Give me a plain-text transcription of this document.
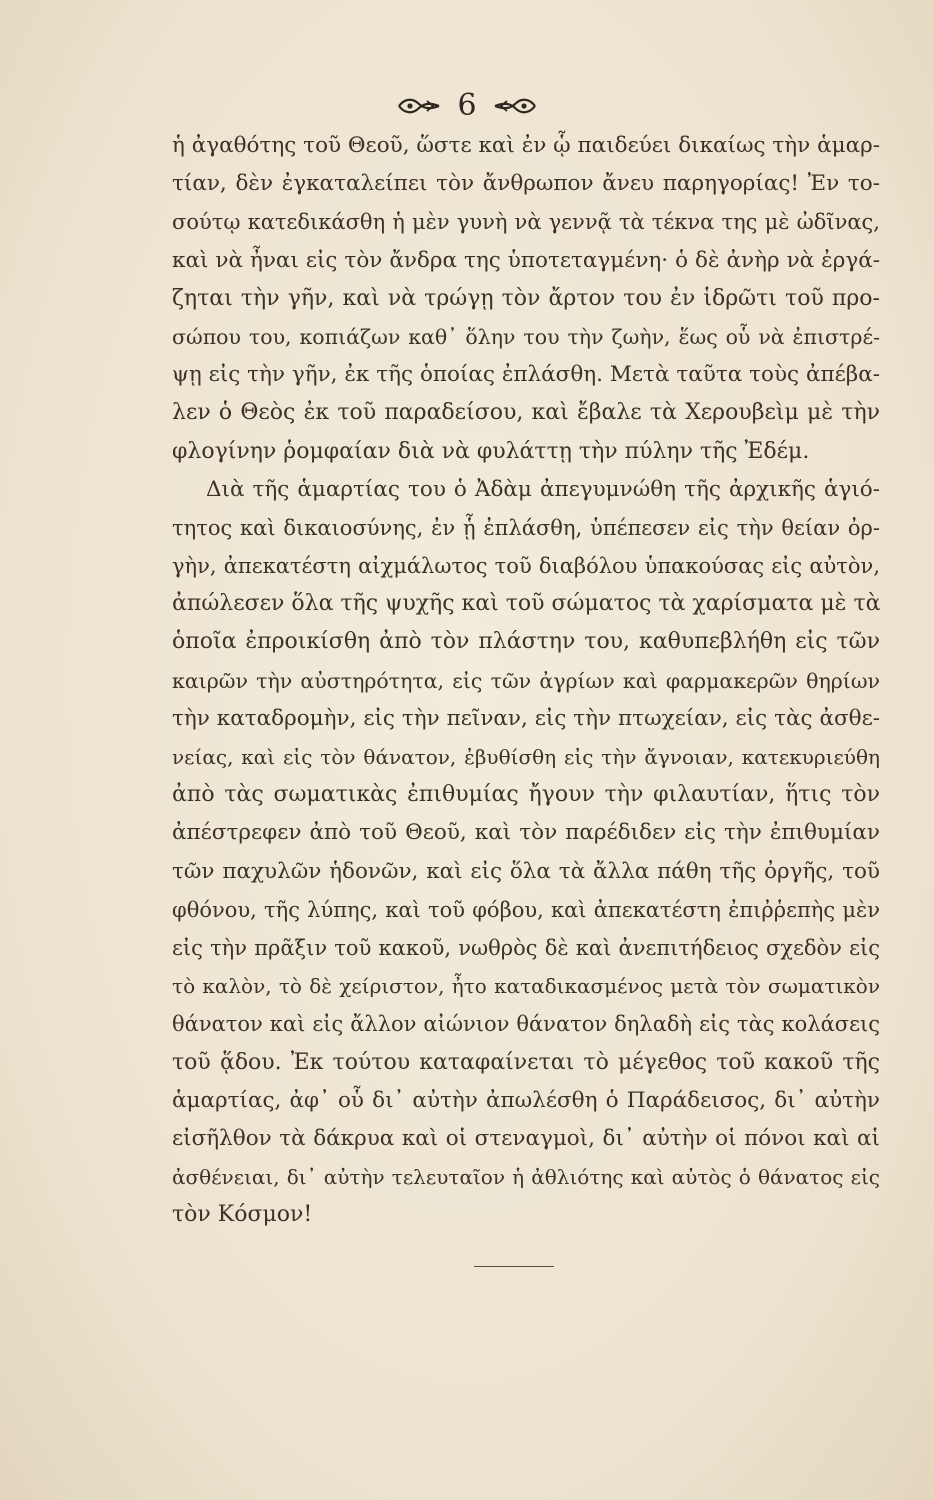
6
ἡ ἀγαθότης τοῦ Θεοῦ, ὥστε καὶ ἐν ᾧ παιδεύει δικαίως τὴν ἁμαρ-
τίαν, δὲν ἐγκαταλείπει τὸν ἄνθρωπον ἄνευ παρηγορίας! Ἐν το-
σούτῳ κατεδικάσθη ἡ μὲν γυνὴ νὰ γεννᾷ τὰ τέκνα της μὲ ὠδῖνας,
καὶ νὰ ἦναι εἰς τὸν ἄνδρα της ὑποτεταγμένη· ὁ δὲ ἀνὴρ νὰ ἐργά-
ζηται τὴν γῆν, καὶ νὰ τρώγῃ τὸν ἄρτον του ἐν ἱδρῶτι τοῦ προ-
σώπου του, κοπιάζων καθ᾽ ὅλην του τὴν ζωὴν, ἕως οὗ νὰ ἐπιστρέ-
ψῃ εἰς τὴν γῆν, ἐκ τῆς ὁποίας ἐπλάσθη. Μετὰ ταῦτα τοὺς ἀπέβα-
λεν ὁ Θεὸς ἐκ τοῦ παραδείσου, καὶ ἔβαλε τὰ Χερουβεὶμ μὲ τὴν
φλογίνην ῥομφαίαν διὰ νὰ φυλάττῃ τὴν πύλην τῆς Ἐδέμ.
Διὰ τῆς ἁμαρτίας του ὁ Ἀδὰμ ἀπεγυμνώθη τῆς ἀρχικῆς ἁγιό-
τητος καὶ δικαιοσύνης, ἐν ᾗ ἐπλάσθη, ὑπέπεσεν εἰς τὴν θείαν ὀρ-
γὴν, ἀπεκατέστη αἰχμάλωτος τοῦ διαβόλου ὑπακούσας εἰς αὐτὸν,
ἀπώλεσεν ὅλα τῆς ψυχῆς καὶ τοῦ σώματος τὰ χαρίσματα μὲ τὰ
ὁποῖα ἐπροικίσθη ἀπὸ τὸν πλάστην του, καθυπεβλήθη εἰς τῶν
καιρῶν τὴν αὐστηρότητα, εἰς τῶν ἀγρίων καὶ φαρμακερῶν θηρίων
τὴν καταδρομὴν, εἰς τὴν πεῖναν, εἰς τὴν πτωχείαν, εἰς τὰς ἀσθε-
νείας, καὶ εἰς τὸν θάνατον, ἐβυθίσθη εἰς τὴν ἄγνοιαν, κατεκυριεύθη
ἀπὸ τὰς σωματικὰς ἐπιθυμίας ἤγουν τὴν φιλαυτίαν, ἥτις τὸν
ἀπέστρεφεν ἀπὸ τοῦ Θεοῦ, καὶ τὸν παρέδιδεν εἰς τὴν ἐπιθυμίαν
τῶν παχυλῶν ἡδονῶν, καὶ εἰς ὅλα τὰ ἄλλα πάθη τῆς ὀργῆς, τοῦ
φθόνου, τῆς λύπης, καὶ τοῦ φόβου, καὶ ἀπεκατέστη ἐπιῤῥεπὴς μὲν
εἰς τὴν πρᾶξιν τοῦ κακοῦ, νωθρὸς δὲ καὶ ἀνεπιτήδειος σχεδὸν εἰς
τὸ καλὸν, τὸ δὲ χείριστον, ἦτο καταδικασμένος μετὰ τὸν σωματικὸν
θάνατον καὶ εἰς ἄλλον αἰώνιον θάνατον δηλαδὴ εἰς τὰς κολάσεις
τοῦ ᾅδου. Ἐκ τούτου καταφαίνεται τὸ μέγεθος τοῦ κακοῦ τῆς
ἁμαρτίας, ἀφ᾽ οὗ δι᾽ αὐτὴν ἀπωλέσθη ὁ Παράδεισος, δι᾽ αὐτὴν
εἰσῆλθον τὰ δάκρυα καὶ οἱ στεναγμοὶ, δι᾽ αὐτὴν οἱ πόνοι καὶ αἱ
ἀσθένειαι, δι᾽ αὐτὴν τελευταῖον ἡ ἀθλιότης καὶ αὐτὸς ὁ θάνατος εἰς
τὸν Κόσμον!
